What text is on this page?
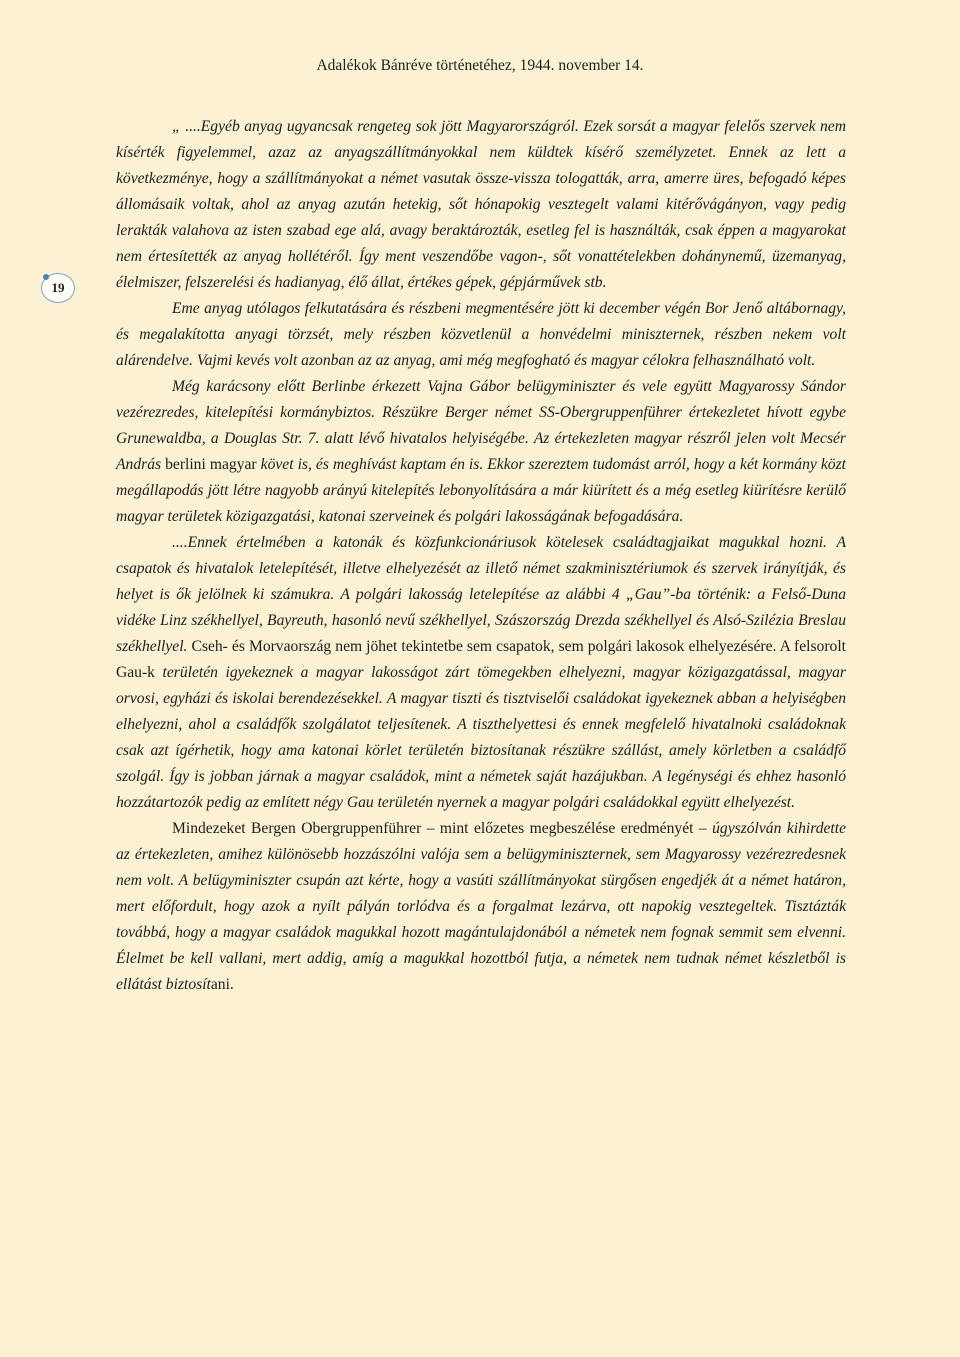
Adalékok Bánréve történetéhez, 1944. november 14.
19

„ ....Egyéb anyag ugyancsak rengeteg sok jött Magyarországról. Ezek sorsát a magyar felelős szervek nem kísérték figyelemmel, azaz az anyagszállítmányokkal nem küldtek kísérő személyzetet. Ennek az lett a következménye, hogy a szállítmányokat a német vasutak össze-vissza tologatták, arra, amerre üres, befogadó képes állomásaik voltak, ahol az anyag azután hetekig, sőt hónapokig vesztegelt valami kitérővágányon, vagy pedig lerakták valahova az isten szabad ege alá, avagy beraktározták, esetleg fel is használták, csak éppen a magyarokat nem értesítették az anyag hollétéről. Így ment veszendőbe vagon-, sőt vonattételekben dohánynemű, üzemanyag, élelmiszer, felszerelési és hadianyag, élő állat, értékes gépek, gépjárművek stb.

Eme anyag utólagos felkutatására és részbeni megmentésére jött ki december végén Bor Jenő altábornagy, és megalakította anyagi törzsét, mely részben közvetlenül a honvédelmi miniszternek, részben nekem volt alárendelve. Vajmi kevés volt azonban az az anyag, ami még megfogható és magyar célokra felhasználható volt.

Még karácsony előtt Berlinbe érkezett Vajna Gábor belügyminiszter és vele együtt Magyarossy Sándor vezérezredes, kitelepítési kormánybiztos. Részükre Berger német SS-Obergruppenführer értekezletet hívott egybe Grunewaldba, a Douglas Str. 7. alatt lévő hivatalos helyiségébe. Az értekezleten magyar részről jelen volt Mecsér András berlini magyar követ is, és meghívást kaptam én is. Ekkor szereztem tudomást arról, hogy a két kormány közt megállapodás jött létre nagyobb arányú kitelepítés lebonyolítására a már kiürített és a még esetleg kiürítésre kerülő magyar területek közigazgatási, katonai szerveinek és polgári lakosságának befogadására.

....Ennek értelmében a katonák és közfunkcionáriusok kötelesek családtagjaikat magukkal hozni. A csapatok és hivatalok letelepítését, illetve elhelyezését az illető német szakminisztériumok és szervek irányítják, és helyet is ők jelölnek ki számukra. A polgári lakosság letelepítése az alábbi 4 „Gau”-ba történik: a Felső-Duna vidéke Linz székhellyel, Bayreuth, hasonló nevű székhellyel, Szászország Drezda székhellyel és Alsó-Szilézia Breslau székhellyel. Cseh- és Morvaország nem jöhet tekintetbe sem csapatok, sem polgári lakosok elhelyezésére. A felsorolt Gau-k területén igyekeznek a magyar lakosságot zárt tömegekben elhelyezni, magyar közigazgatással, magyar orvosi, egyházi és iskolai berendezésekkel. A magyar tiszti és tisztviselői családokat igyekeznek abban a helyiségben elhelyezni, ahol a családfők szolgálatot teljesítenek. A tiszthelyettesi és ennek megfelelő hivatalnoki családoknak csak azt ígérhetik, hogy ama katonai körlet területén biztosítanak részükre szállást, amely körletben a családfő szolgál. Így is jobban járnak a magyar családok, mint a németek saját hazájukban. A legénységi és ehhez hasonló hozzátartozók pedig az említett négy Gau területén nyernek a magyar polgári családokkal együtt elhelyezést.

Mindezeket Bergen Obergruppenführer – mint előzetes megbeszélése eredményét – úgyszólván kihirdette az értekezleten, amihez különösebb hozzászólni valója sem a belügyminiszternek, sem Magyarossy vezérezredesnek nem volt. A belügyminiszter csupán azt kérte, hogy a vasúti szállítmányokat sürgősen engedjék át a német határon, mert előfordult, hogy azok a nyílt pályán torlódva és a forgalmat lezárva, ott napokig vesztegeltek. Tisztázták továbbá, hogy a magyar családok magukkal hozott magántulajdonából a németek nem fognak semmit sem elvenni. Élelmet be kell vallani, mert addig, amíg a magukkal hozottból futja, a németek nem tudnak német készletből is ellátást biztosítani.
